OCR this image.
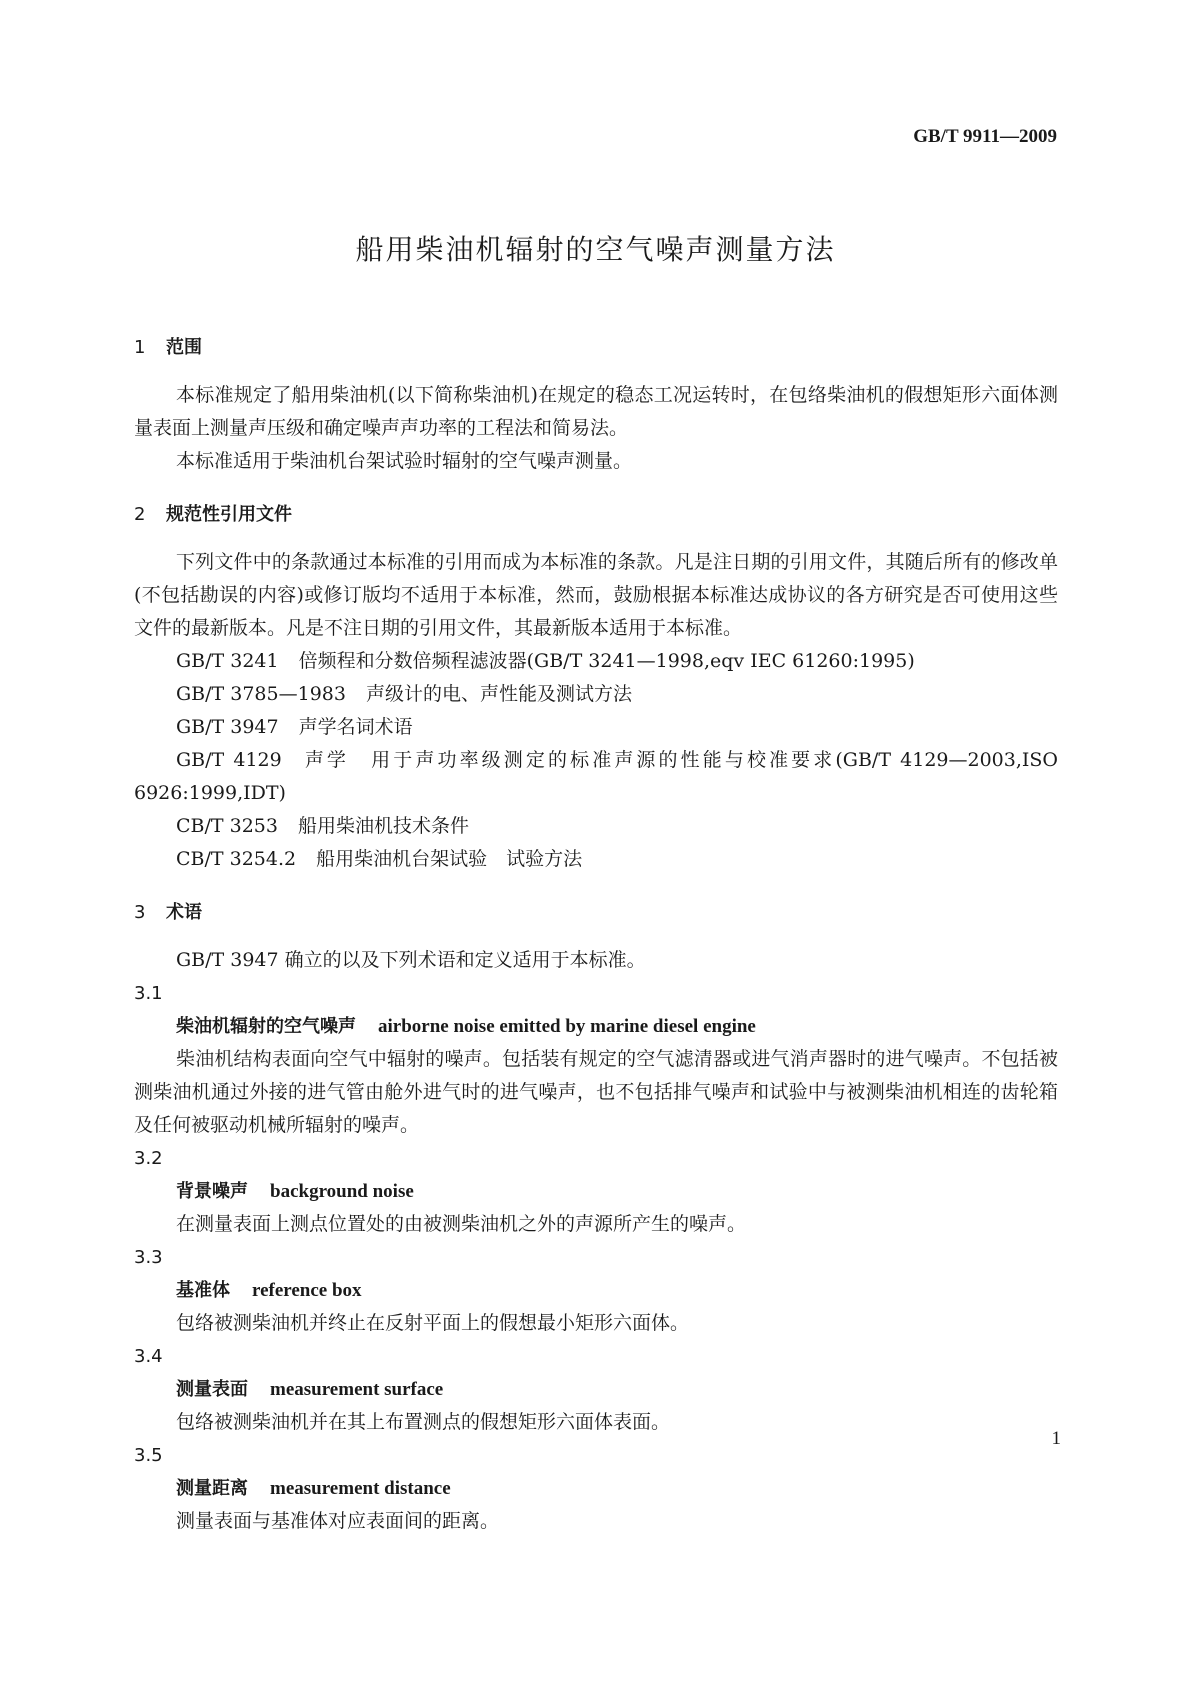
GB/T 9911—2009
船用柴油机辐射的空气噪声测量方法
1 范围

本标准规定了船用柴油机(以下简称柴油机)在规定的稳态工况运转时，在包络柴油机的假想矩形六面体测量表面上测量声压级和确定噪声声功率的工程法和简易法。

本标准适用于柴油机台架试验时辐射的空气噪声测量。

2 规范性引用文件

下列文件中的条款通过本标准的引用而成为本标准的条款。凡是注日期的引用文件，其随后所有的修改单(不包括勘误的内容)或修订版均不适用于本标准，然而，鼓励根据本标准达成协议的各方研究是否可使用这些文件的最新版本。凡是不注日期的引用文件，其最新版本适用于本标准。

GB/T 3241 倍频程和分数倍频程滤波器(GB/T 3241—1998,eqv IEC 61260:1995)

GB/T 3785—1983 声级计的电、声性能及测试方法

GB/T 3947 声学名词术语

GB/T 4129 声学　用于声功率级测定的标准声源的性能与校准要求(GB/T 4129—2003,ISO 6926:1999,IDT)

CB/T 3253 船用柴油机技术条件

CB/T 3254.2 船用柴油机台架试验　试验方法

3 术语

GB/T 3947 确立的以及下列术语和定义适用于本标准。

3.1

柴油机辐射的空气噪声 airborne noise emitted by marine diesel engine

柴油机结构表面向空气中辐射的噪声。包括装有规定的空气滤清器或进气消声器时的进气噪声。不包括被测柴油机通过外接的进气管由舱外进气时的进气噪声，也不包括排气噪声和试验中与被测柴油机相连的齿轮箱及任何被驱动机械所辐射的噪声。

3.2

背景噪声 background noise

在测量表面上测点位置处的由被测柴油机之外的声源所产生的噪声。

3.3

基准体 reference box

包络被测柴油机并终止在反射平面上的假想最小矩形六面体。

3.4

测量表面 measurement surface

包络被测柴油机并在其上布置测点的假想矩形六面体表面。

3.5

测量距离 measurement distance

测量表面与基准体对应表面间的距离。

1
